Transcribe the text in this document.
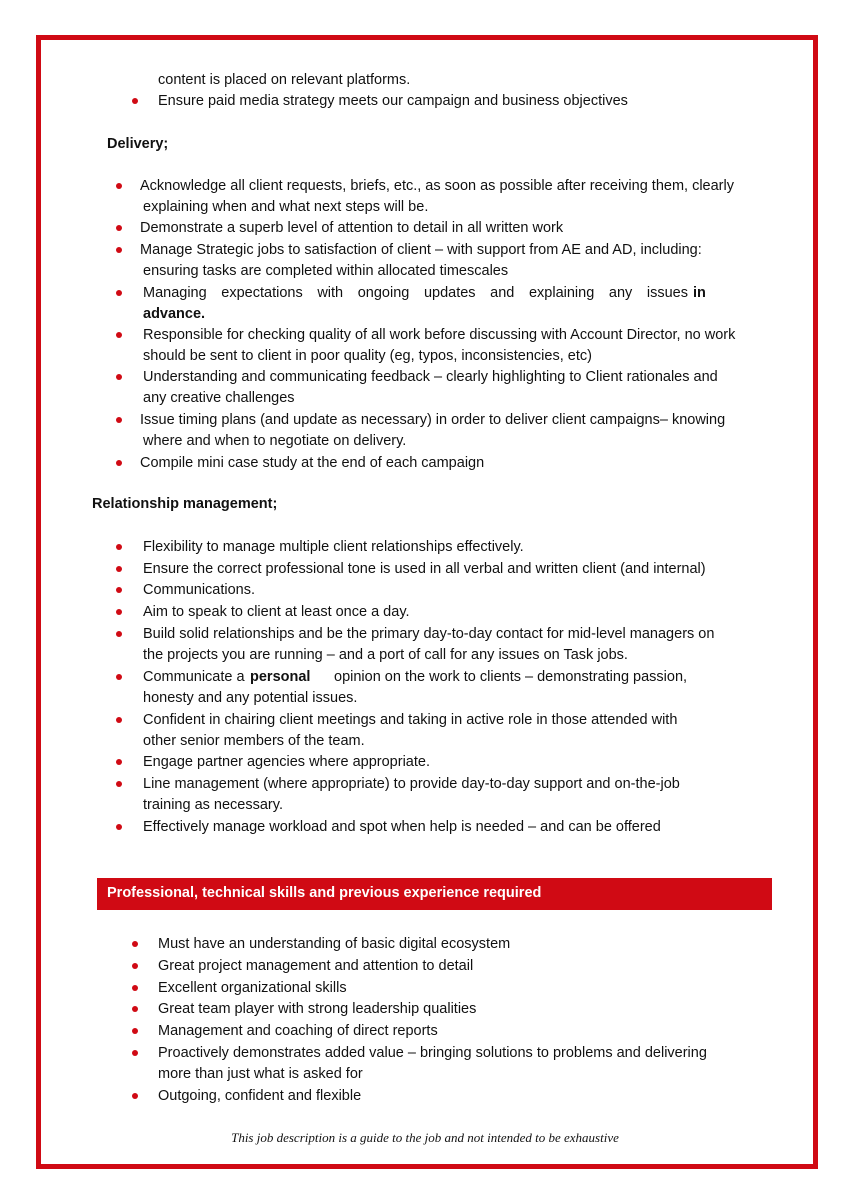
content is placed on relevant platforms.
Ensure paid media strategy meets our campaign and business objectives
Delivery;
Acknowledge all client requests, briefs, etc., as soon as possible after receiving them, clearly
explaining when and what next steps will be.
Demonstrate a superb level of attention to detail in all written work
Manage Strategic jobs to satisfaction of client – with support from AE and AD, including:
ensuring tasks are completed within allocated timescales
Managing expectations with ongoing updates and explaining any issues in
advance.
Responsible for checking quality of all work before discussing with Account Director, no work
should be sent to client in poor quality (eg, typos, inconsistencies, etc)
Understanding and communicating feedback – clearly highlighting to Client rationales and
any creative challenges
Issue timing plans (and update as necessary) in order to deliver client campaigns– knowing
where and when to negotiate on delivery.
Compile mini case study at the end of each campaign
Relationship management;
Flexibility to manage multiple client relationships effectively.
Ensure the correct professional tone is used in all verbal and written client (and internal)
Communications.
Aim to speak to client at least once a day.
Build solid relationships and be the primary day-to-day contact for mid-level managers on
the projects you are running – and a port of call for any issues on Task jobs.
Communicate a personal opinion on the work to clients – demonstrating passion,
honesty and any potential issues.
Confident in chairing client meetings and taking in active role in those attended with
other senior members of the team.
Engage partner agencies where appropriate.
Line management (where appropriate) to provide day-to-day support and on-the-job
training as necessary.
Effectively manage workload and spot when help is needed – and can be offered
Professional, technical skills and previous experience required
Must have an understanding of basic digital ecosystem
Great project management and attention to detail
Excellent organizational skills
Great team player with strong leadership qualities
Management and coaching of direct reports
Proactively demonstrates added value – bringing solutions to problems and delivering
more than just what is asked for
Outgoing, confident and flexible
This job description is a guide to the job and not intended to be exhaustive
